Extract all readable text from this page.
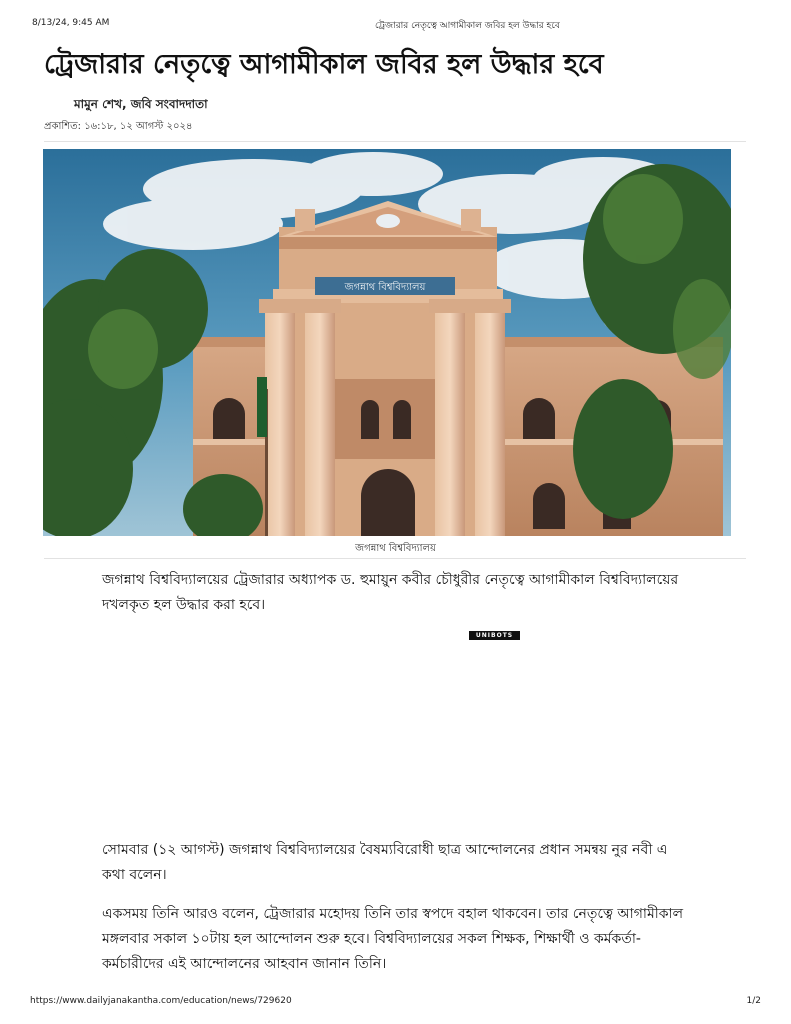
8/13/24, 9:45 AM	ট্রেজারার নেতৃত্বে আগামীকাল জবির হল উদ্ধার হবে
ট্রেজারার নেতৃত্বে আগামীকাল জবির হল উদ্ধার হবে
মামুন শেখ, জবি সংবাদদাতা
প্রকাশিত: ১৬:১৮, ১২ আগস্ট ২০২৪
জগন্নাথ বিশ্ববিদ্যালয়
জগন্নাথ বিশ্ববিদ্যালয়

জগন্নাথ বিশ্ববিদ্যালয়ের ট্রেজারার অধ্যাপক ড. হুমায়ুন কবীর চৌধুরীর নেতৃত্বে আগামীকাল বিশ্ববিদ্যালয়ের দখলকৃত হল উদ্ধার করা হবে।

UNIBOTS

সোমবার (১২ আগস্ট) জগন্নাথ বিশ্ববিদ্যালয়ের বৈষম্যবিরোধী ছাত্র আন্দোলনের প্রধান সমন্বয় নুর নবী এ কথা বলেন।

একসময় তিনি আরও বলেন, ট্রেজারার মহোদয় তিনি তার স্বপদে বহাল থাকবেন। তার নেতৃত্বে আগামীকাল মঙ্গলবার সকাল ১০টায় হল আন্দোলন শুরু হবে। বিশ্ববিদ্যালয়ের সকল শিক্ষক, শিক্ষার্থী ও কর্মকর্তা-কর্মচারীদের এই আন্দোলনের আহবান জানান তিনি।

https://www.dailyjanakantha.com/education/news/729620	1/2
